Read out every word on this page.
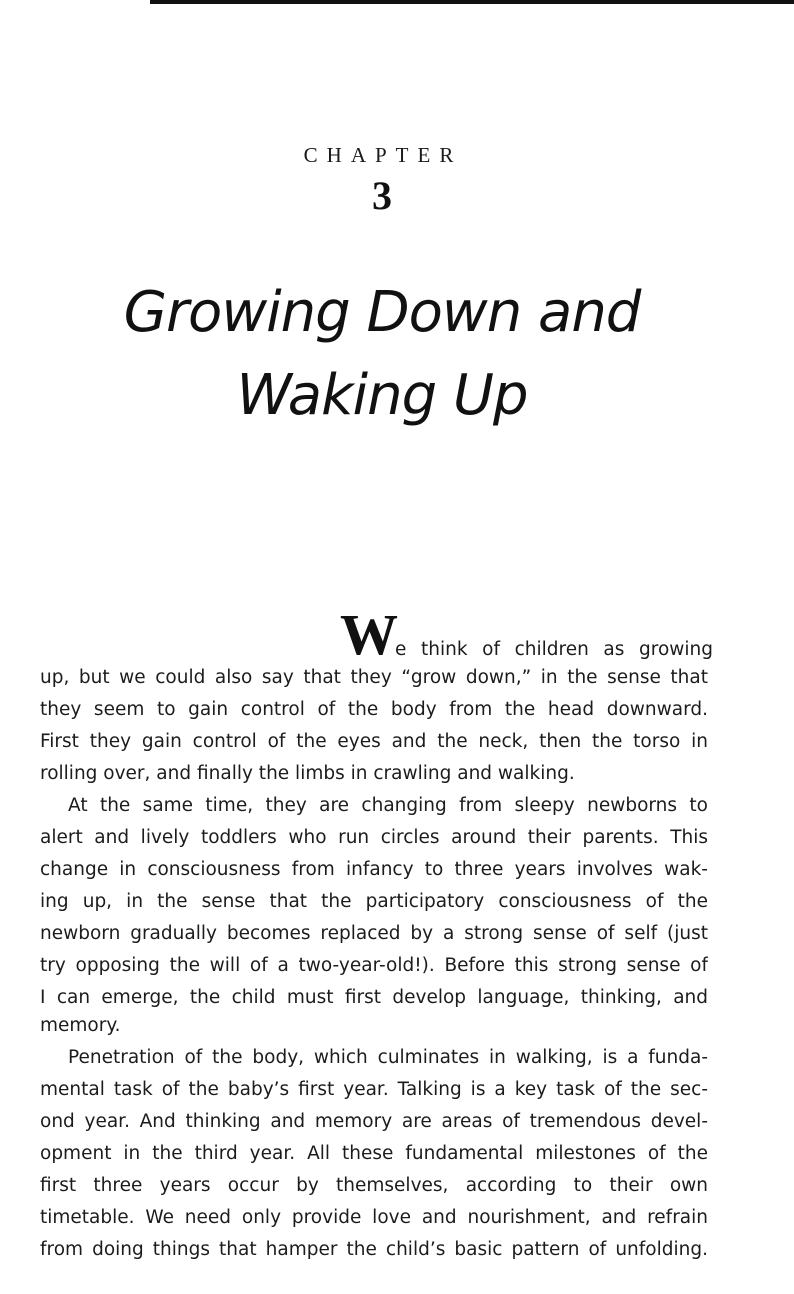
CHAPTER
3
Growing Down and
Waking Up
W
e think of children as growing
up, but we could also say that they “grow down,” in the sense that
they seem to gain control of the body from the head downward.
First they gain control of the eyes and the neck, then the torso in
rolling over, and finally the limbs in crawling and walking.
At the same time, they are changing from sleepy newborns to
alert and lively toddlers who run circles around their parents. This
change in consciousness from infancy to three years involves wak-
ing up, in the sense that the participatory consciousness of the
newborn gradually becomes replaced by a strong sense of self (just
try opposing the will of a two-year-old!). Before this strong sense of
I can emerge, the child must first develop language, thinking, and
memory.
Penetration of the body, which culminates in walking, is a funda-
mental task of the baby’s first year. Talking is a key task of the sec-
ond year. And thinking and memory are areas of tremendous devel-
opment in the third year. All these fundamental milestones of the
first three years occur by themselves, according to their own
timetable. We need only provide love and nourishment, and refrain
from doing things that hamper the child’s basic pattern of unfolding.
